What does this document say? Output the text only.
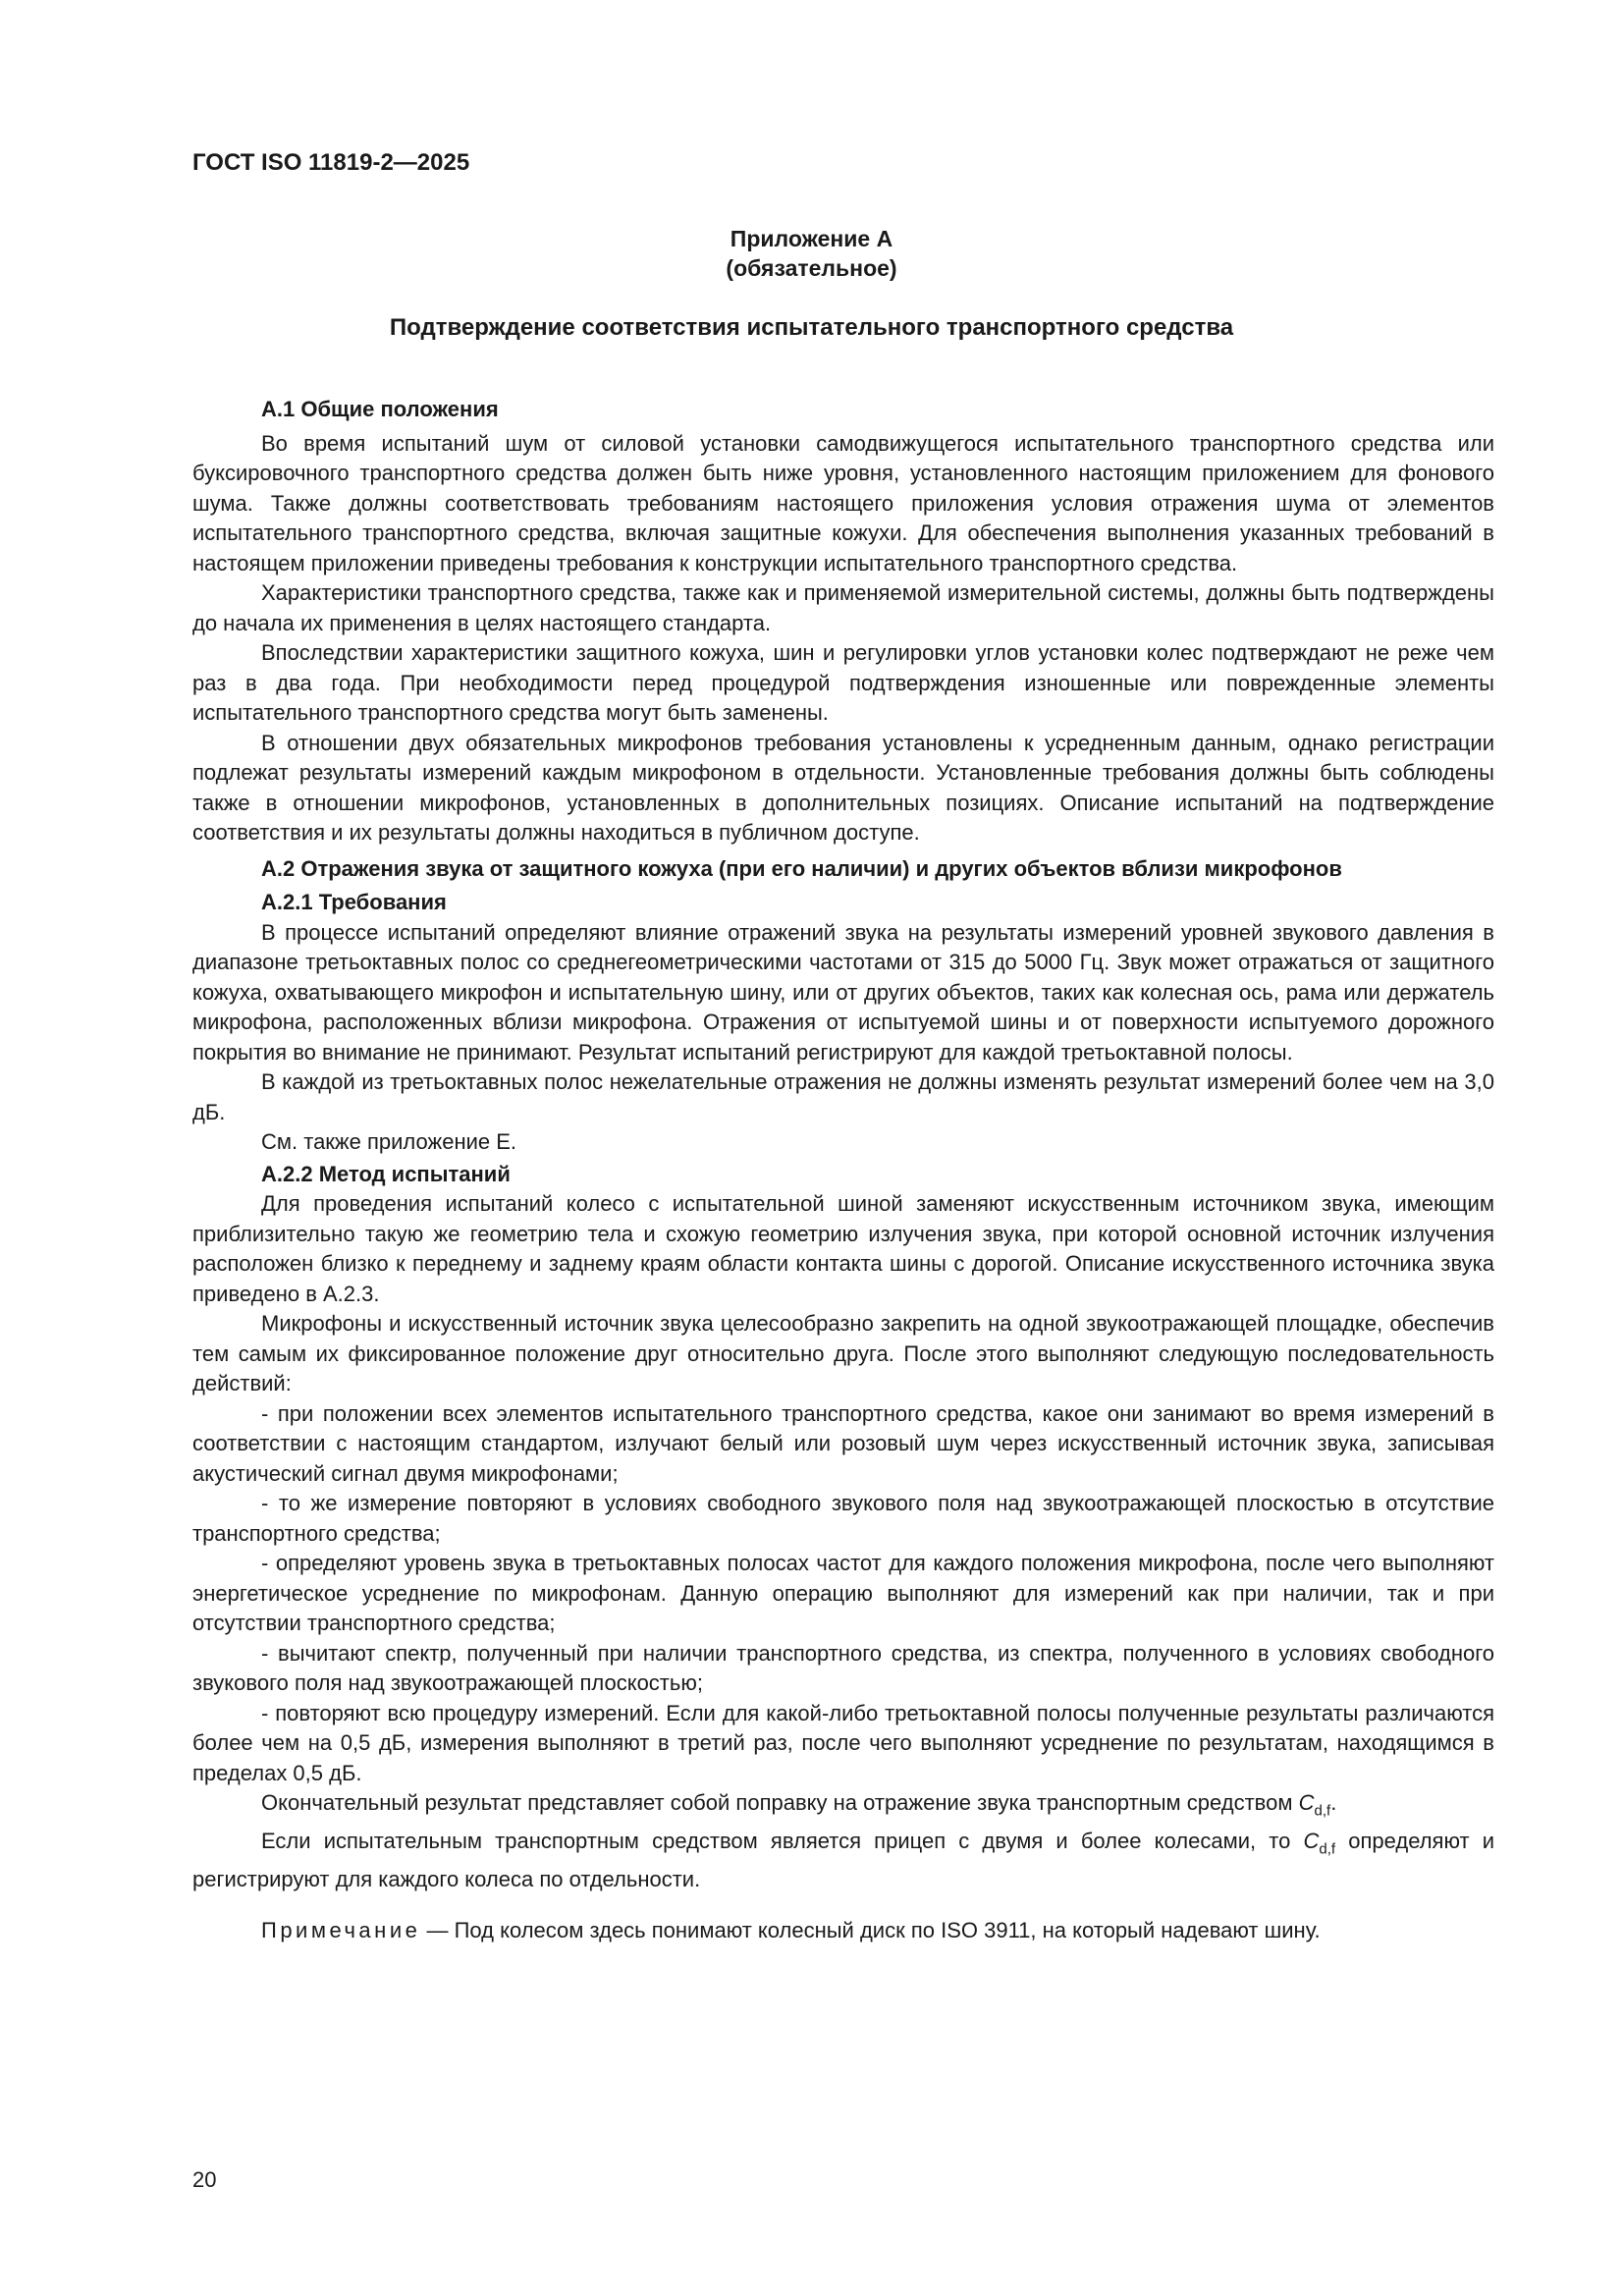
ГОСТ ISO 11819-2—2025
Приложение А
(обязательное)
Подтверждение соответствия испытательного транспортного средства
А.1 Общие положения

Во время испытаний шум от силовой установки самодвижущегося испытательного транспортного средства или буксировочного транспортного средства должен быть ниже уровня, установленного настоящим приложением для фонового шума. Также должны соответствовать требованиям настоящего приложения условия отражения шума от элементов испытательного транспортного средства, включая защитные кожухи. Для обеспечения выполнения указанных требований в настоящем приложении приведены требования к конструкции испытательного транспортного средства.

Характеристики транспортного средства, также как и применяемой измерительной системы, должны быть подтверждены до начала их применения в целях настоящего стандарта.

Впоследствии характеристики защитного кожуха, шин и регулировки углов установки колес подтверждают не реже чем раз в два года. При необходимости перед процедурой подтверждения изношенные или поврежденные элементы испытательного транспортного средства могут быть заменены.

В отношении двух обязательных микрофонов требования установлены к усредненным данным, однако регистрации подлежат результаты измерений каждым микрофоном в отдельности. Установленные требования должны быть соблюдены также в отношении микрофонов, установленных в дополнительных позициях. Описание испытаний на подтверждение соответствия и их результаты должны находиться в публичном доступе.

А.2 Отражения звука от защитного кожуха (при его наличии) и других объектов вблизи микрофонов
А.2.1 Требования

В процессе испытаний определяют влияние отражений звука на результаты измерений уровней звукового давления в диапазоне третьоктавных полос со среднегеометрическими частотами от 315 до 5000 Гц. Звук может отражаться от защитного кожуха, охватывающего микрофон и испытательную шину, или от других объектов, таких как колесная ось, рама или держатель микрофона, расположенных вблизи микрофона. Отражения от испытуемой шины и от поверхности испытуемого дорожного покрытия во внимание не принимают. Результат испытаний регистрируют для каждой третьоктавной полосы.

В каждой из третьоктавных полос нежелательные отражения не должны изменять результат измерений более чем на 3,0 дБ.

См. также приложение Е.

А.2.2 Метод испытаний

Для проведения испытаний колесо с испытательной шиной заменяют искусственным источником звука, имеющим приблизительно такую же геометрию тела и схожую геометрию излучения звука, при которой основной источник излучения расположен близко к переднему и заднему краям области контакта шины с дорогой. Описание искусственного источника звука приведено в А.2.3.

Микрофоны и искусственный источник звука целесообразно закрепить на одной звукоотражающей площадке, обеспечив тем самым их фиксированное положение друг относительно друга. После этого выполняют следующую последовательность действий:

- при положении всех элементов испытательного транспортного средства, какое они занимают во время измерений в соответствии с настоящим стандартом, излучают белый или розовый шум через искусственный источник звука, записывая акустический сигнал двумя микрофонами;

- то же измерение повторяют в условиях свободного звукового поля над звукоотражающей плоскостью в отсутствие транспортного средства;

- определяют уровень звука в третьоктавных полосах частот для каждого положения микрофона, после чего выполняют энергетическое усреднение по микрофонам. Данную операцию выполняют для измерений как при наличии, так и при отсутствии транспортного средства;

- вычитают спектр, полученный при наличии транспортного средства, из спектра, полученного в условиях свободного звукового поля над звукоотражающей плоскостью;

- повторяют всю процедуру измерений. Если для какой-либо третьоктавной полосы полученные результаты различаются более чем на 0,5 дБ, измерения выполняют в третий раз, после чего выполняют усреднение по результатам, находящимся в пределах 0,5 дБ.

Окончательный результат представляет собой поправку на отражение звука транспортным средством $C_{d,f}$.

Если испытательным транспортным средством является прицеп с двумя и более колесами, то $C_{d,f}$ определяют и регистрируют для каждого колеса по отдельности.

Примечание — Под колесом здесь понимают колесный диск по ISO 3911, на который надевают шину.

20
